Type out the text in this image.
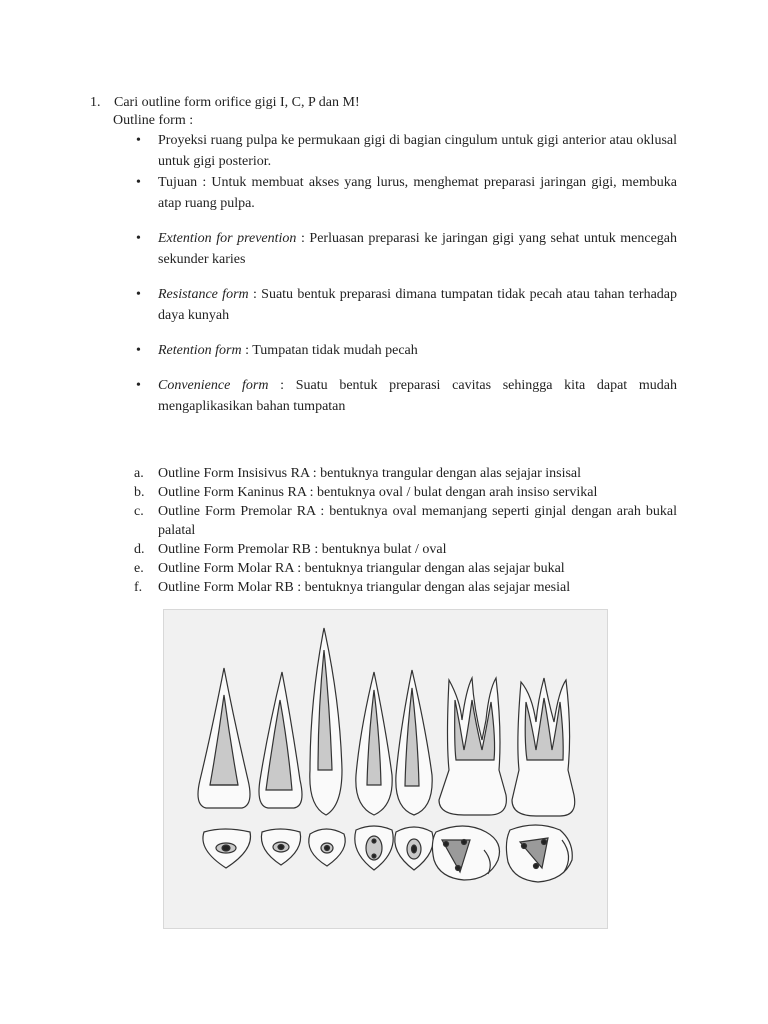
1. Cari outline form orifice gigi I, C, P dan M!
Outline form :
• Proyeksi ruang pulpa ke permukaan gigi di bagian cingulum untuk gigi anterior atau oklusal untuk gigi posterior.
• Tujuan : Untuk membuat akses yang lurus, menghemat preparasi jaringan gigi, membuka atap ruang pulpa.
• Extention for prevention : Perluasan preparasi ke jaringan gigi yang sehat untuk mencegah sekunder karies
• Resistance form : Suatu bentuk preparasi dimana tumpatan tidak pecah atau tahan terhadap daya kunyah
• Retention form : Tumpatan tidak mudah pecah
• Convenience form : Suatu bentuk preparasi cavitas sehingga kita dapat mudah mengaplikasikan bahan tumpatan
a. Outline Form Insisivus RA : bentuknya trangular dengan alas sejajar insisal
b. Outline Form Kaninus RA : bentuknya oval / bulat dengan arah insiso servikal
c. Outline Form Premolar RA : bentuknya oval memanjang seperti ginjal dengan arah bukal palatal
d. Outline Form Premolar RB : bentuknya bulat / oval
e. Outline Form Molar RA : bentuknya triangular dengan alas sejajar bukal
f. Outline Form Molar RB : bentuknya triangular dengan alas sejajar mesial
